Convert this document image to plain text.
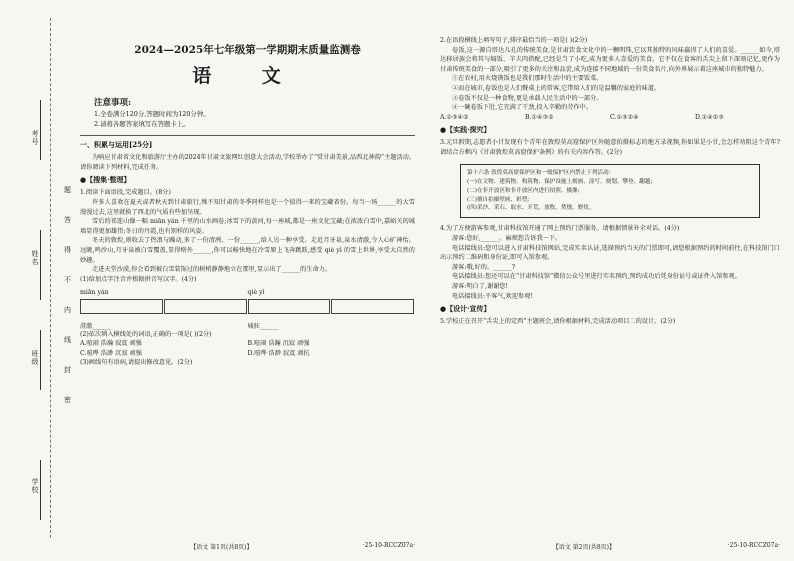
考号
姓名
班级
学校
题
答
得
不
内
线
封
密
2024—2025年七年级第一学期期末质量监测卷
语 文
注意事项:
1.全卷满分120分,答题时间为120分钟。
2.请将各题答案填写在答题卡上。
一、积累与运用[25分]

为响应甘肃省文化和旅游厅主办的2024年甘肃文旅网红创意大会活动,学校举办了“赏甘肃美景,品西北神韵”主题活动。请你阅读下列材料,完成任务。

●【搜集·整理】

1.阅读下面语段,完成题目。(8分)

许多人喜欢在夏天或者秋天到甘肃旅行,殊不知甘肃的冬季同样也是一个值得一来的宝藏省份。每当一场______的大雪漫漫过去,这里就换了西北的气质有些加呈现。

雪后的祁连山像一幅 miān yán 千里的山水画卷;冰雪下的黄河,每一座城,都是一座文化宝藏;在浓浓白雪中,嘉峪关的城墙显得更加雄伟;冬日的丹霞,也有别样的风姿。

冬天的敦煌,则收去了热浪与躁动,多了一份清冽、一份______,给人另一种享受。走近月牙泉,泉水清澈,令人心旷神怡。远眺,鸣沙山,月牙泉被白雪覆盖,显得格外______,你可以畅快地在冷雪原上飞奔跳跃,感受 qiè yì 的雪上世界,享受大自然的妙趣。

走进天堂沙漠,你会看到被白雪装饰过的树梢静静地立在那里,显示出了______的生命力。

(1)给加点字注音并根据拼音写汉字。(4分)

miān yán	qiè yì
澄澈______	城驻______

(2)依次填入横线处的词语,正确的一项是( )(2分)

A.喧闹 浩瀚 寂寞 顽强	B.喧闹 浩瀚 沉寂 顽强
C.喧哗 浩渺 沉寂 顽强	D.喧哗 浩渺 寂寞 顽抗

(3)画线句有语病,请提出修改意见。(2分)

【语文 第1页(共8页)】	·25-10-RCCZ07a·

2.在语段横线上填写句子,排序最恰当的一项是( )(2分)

卷饭,这一源自塔达儿孔的传统美食,是甘肃饮食文化中的一颗明珠,它以其独特的风味赢得了人们的喜爱。______如今,塔达移居族会将其与焖饭、羊夫肉搭配,已经是当了小吃,成为更多人喜爱的美食。它不仅在食客的舌尖上留下深刻记忆,更作为甘肃传统美食的一部分,吸引了更多的关注和品尝,成为连接不同地域的一份美食名片,向外界展示着这座城市的独特魅力。

①在农村,用火烧馍饭也是我们那时生活中的主要饭菜。

②而在城市,卷饭也是人们餐桌上的常客,它带给人们的是温馨的家庭的味道。

③卷饭不仅是一种食物,更是承载人民生活中的一部分。

④一碗卷饭下肚,它充满了干劲,投入辛勤的劳作中。

A.①③④②	B.①④③②	C.①③②④	D.①④②③
●【实践·探究】

3.元旦假期,志愿者小甘发现有个青年在敦煌莫高窟保护区外随意拍摄标志的地方录视频,你如果是小甘,会怎样劝阻这个青年?请结合方框内《甘肃敦煌莫高窟保护条例》的有关内容作答。(2分)

第十六条 敦煌莫高窟保护区和一般保护区内禁止下列活动:
(一)在文物、建筑物、构筑物、保护设施上刻画、涂写、刻划、攀登、翻越;
(二)在非开放区和非开放区内进行拍照、摄像;
(三)擅自拍摄壁画、彩塑;
(四)采沙、采石、取水、开荒、放牧、焚烧、野炊。

4.为了方便游客参观,甘肃科技馆开通了网上预约门票服务。请根据情景补全对话。(4分)

游客:您好,______。麻烦您告诉我一下。

电话接线员:您可以进入甘肃科技馆网站,完成实名认证,选择预约当天的门票即可,请您根据预约的时间前往,在科技馆门口出示预约二维码和身份证,即可入馆参观。

游客:哦,好的。______?

电话接线员:您还可以在“甘肃科技馆”微信公众号里进行实名预约,预约成功后凭身份证号或证件入馆参观。

游客:明白了,谢谢您!

电话接线员:不客气,欢迎参观!

●【设计·宣传】

5.学校正在召开“舌尖上的定西”主题班会,请你根据材料,完成活动项目二的设计。(2分)

【语文 第2页(共8页)】	·25-10-RCCZ07a·
